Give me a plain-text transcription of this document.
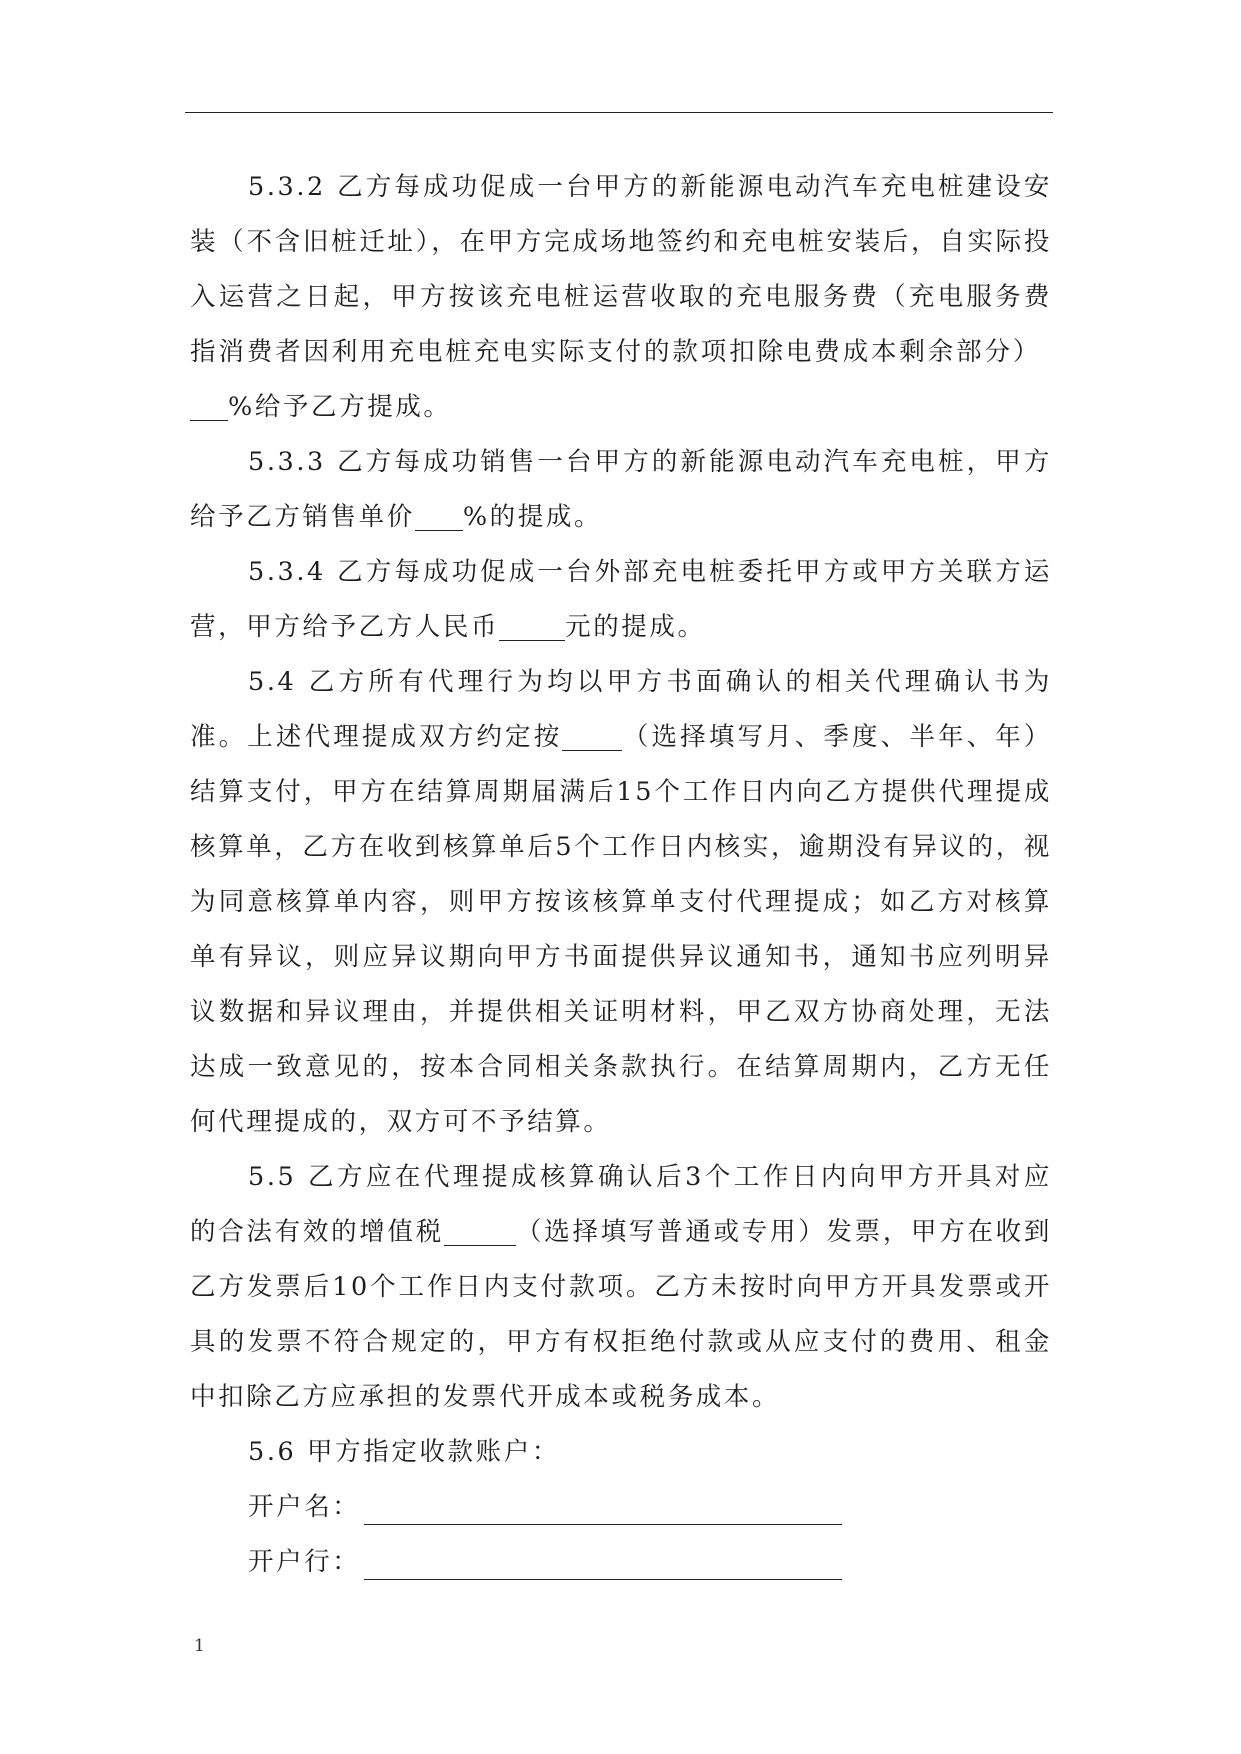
5.3.2 乙方每成功促成一台甲方的新能源电动汽车充电桩建设安装（不含旧桩迁址），在甲方完成场地签约和充电桩安装后，自实际投入运营之日起，甲方按该充电桩运营收取的充电服务费（充电服务费指消费者因利用充电桩充电实际支付的款项扣除电费成本剩余部分） %给予乙方提成。

5.3.3 乙方每成功销售一台甲方的新能源电动汽车充电桩，甲方给予乙方销售单价 %的提成。

5.3.4 乙方每成功促成一台外部充电桩委托甲方或甲方关联方运营，甲方给予乙方人民币	元的提成。

5.4 乙方所有代理行为均以甲方书面确认的相关代理确认书为准。上述代理提成双方约定按 （选择填写月、季度、半年、年）结算支付，甲方在结算周期届满后15个工作日内向乙方提供代理提成核算单，乙方在收到核算单后5个工作日内核实，逾期没有异议的，视为同意核算单内容，则甲方按该核算单支付代理提成；如乙方对核算单有异议，则应异议期向甲方书面提供异议通知书，通知书应列明异议数据和异议理由，并提供相关证明材料，甲乙双方协商处理，无法达成一致意见的，按本合同相关条款执行。在结算周期内，乙方无任何代理提成的，双方可不予结算。

5.5 乙方应在代理提成核算确认后3个工作日内向甲方开具对应的合法有效的增值税	（选择填写普通或专用）发票，甲方在收到乙方发票后10个工作日内支付款项。乙方未按时向甲方开具发票或开具的发票不符合规定的，甲方有权拒绝付款或从应支付的费用、租金中扣除乙方应承担的发票代开成本或税务成本。

5.6 甲方指定收款账户：

开户名：

开户行：

1
